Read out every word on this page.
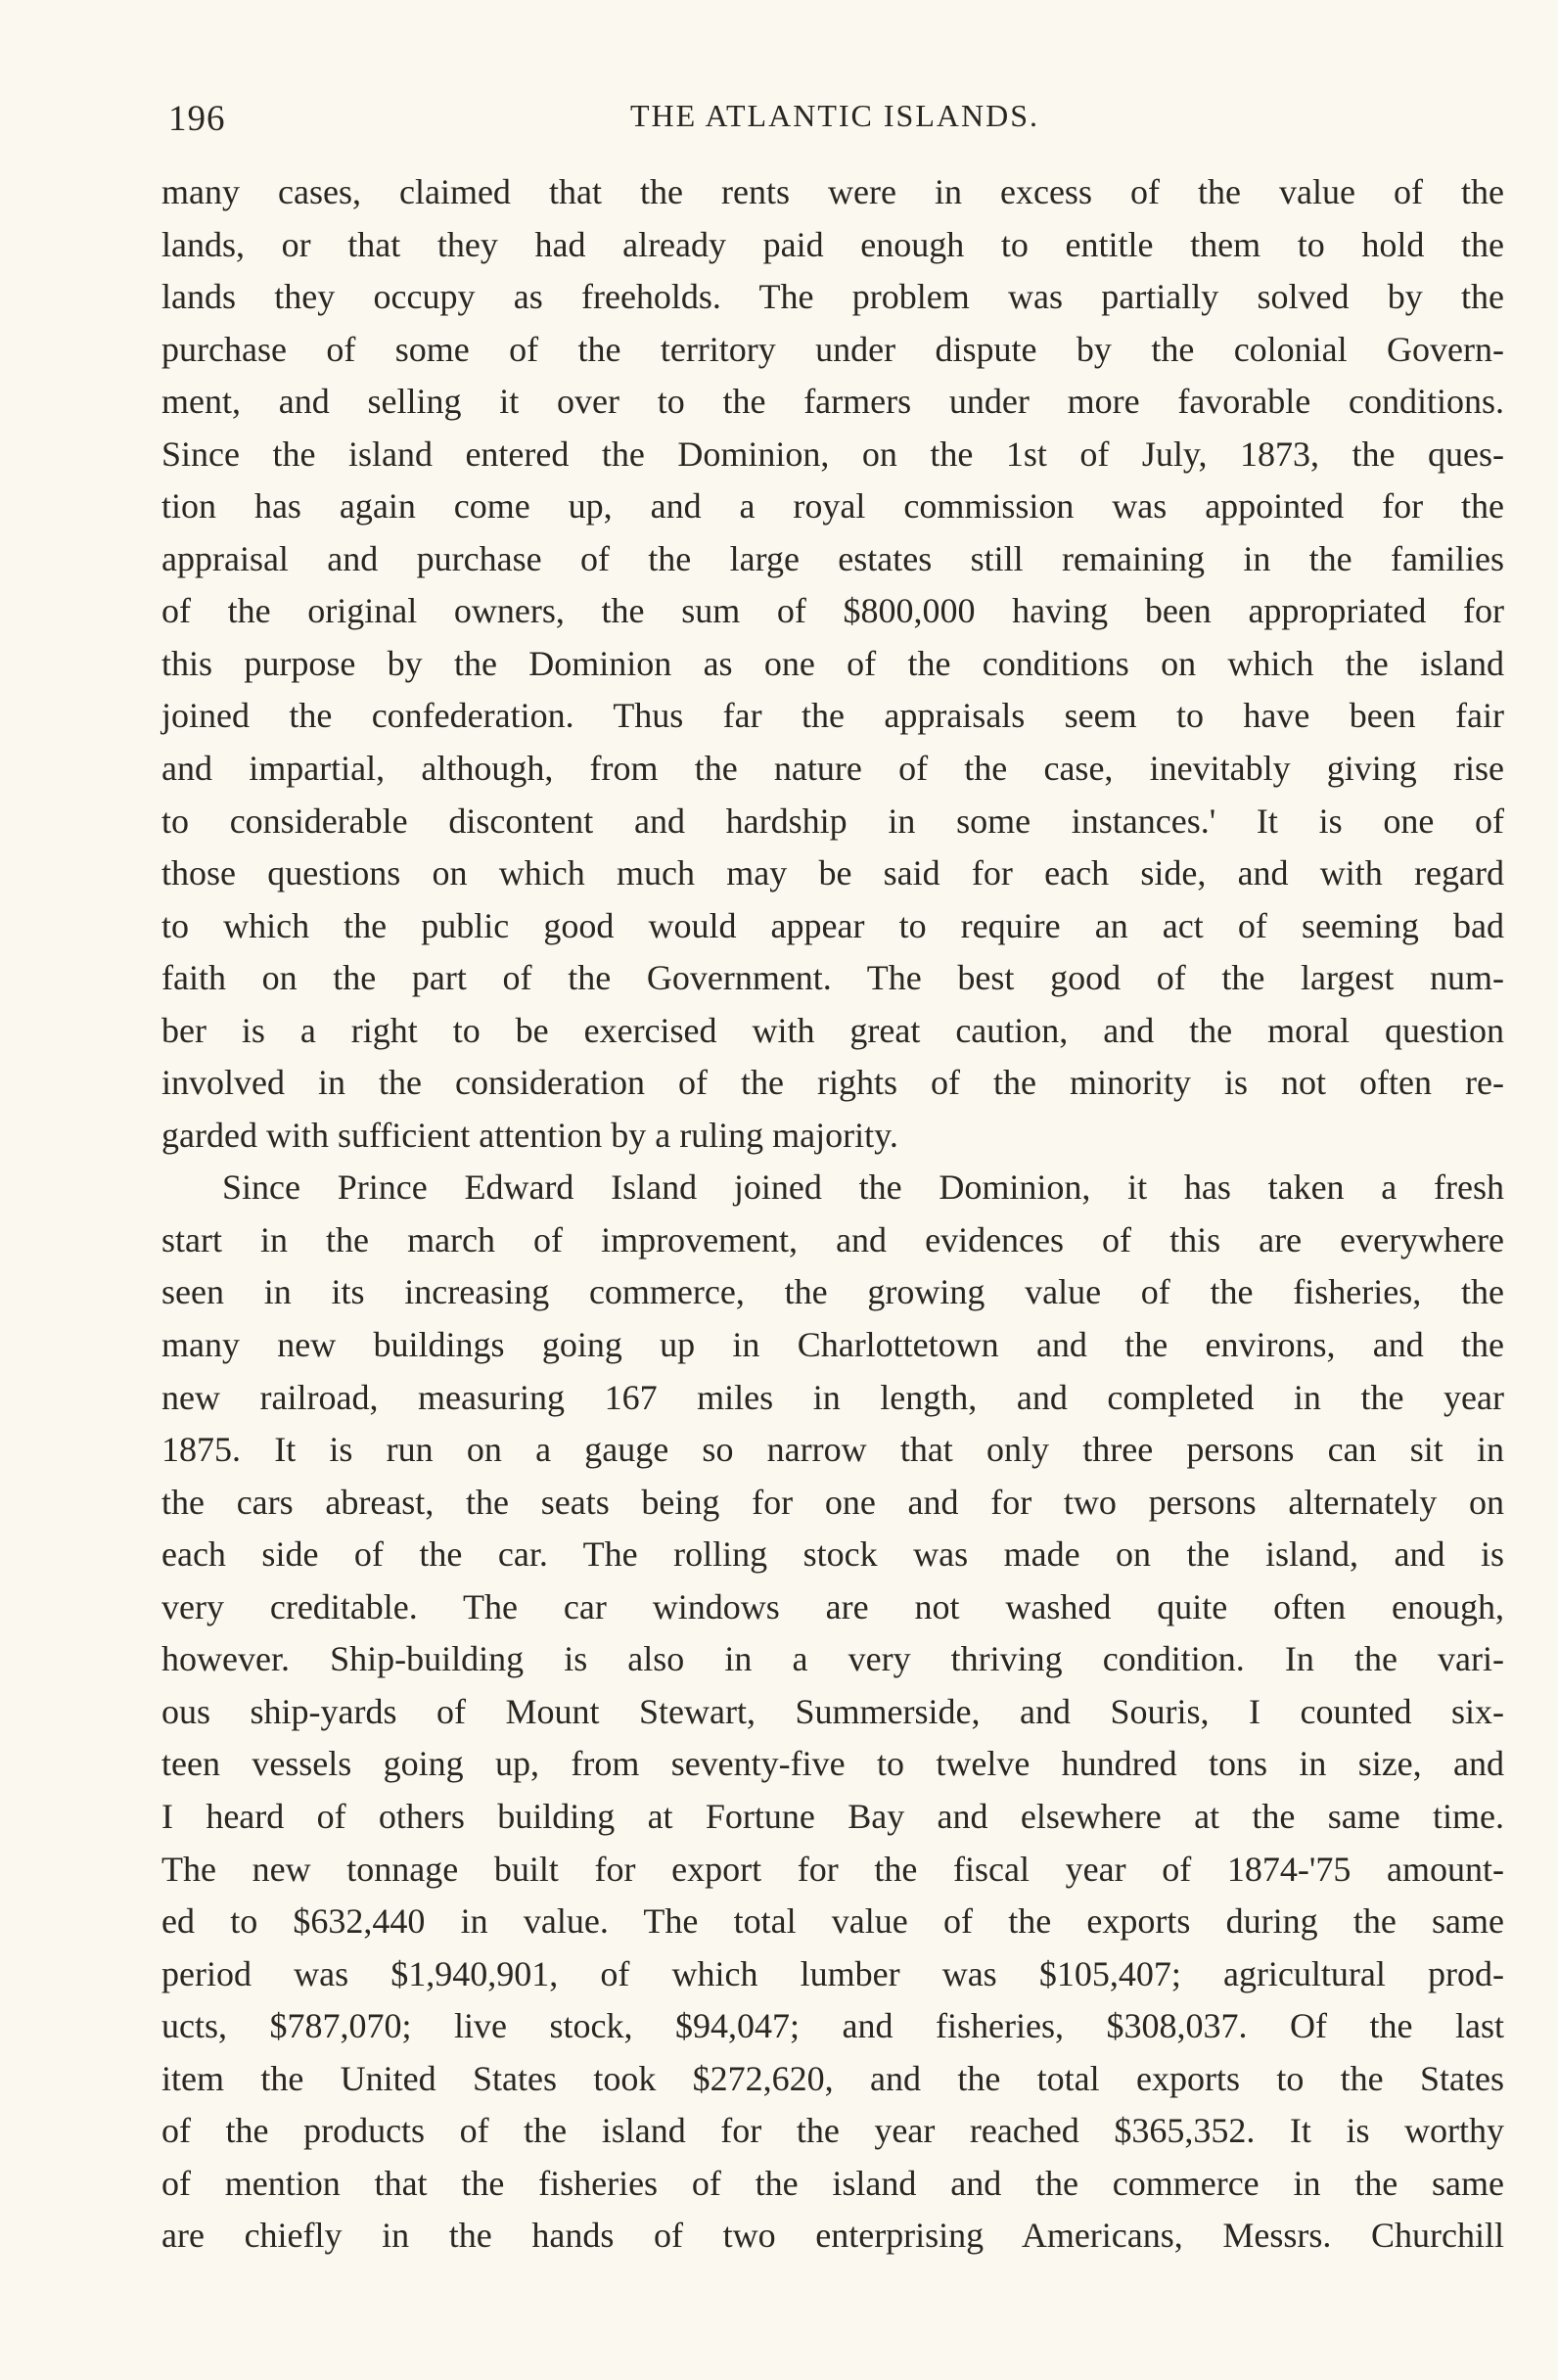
196	THE ATLANTIC ISLANDS.
many cases, claimed that the rents were in excess of the value of the
lands, or that they had already paid enough to entitle them to hold the
lands they occupy as freeholds. The problem was partially solved by the
purchase of some of the territory under dispute by the colonial Govern-
ment, and selling it over to the farmers under more favorable conditions.
Since the island entered the Dominion, on the 1st of July, 1873, the ques-
tion has again come up, and a royal commission was appointed for the
appraisal and purchase of the large estates still remaining in the families
of the original owners, the sum of $800,000 having been appropriated for
this purpose by the Dominion as one of the conditions on which the island
joined the confederation. Thus far the appraisals seem to have been fair
and impartial, although, from the nature of the case, inevitably giving rise
to considerable discontent and hardship in some instances.' It is one of
those questions on which much may be said for each side, and with regard
to which the public good would appear to require an act of seeming bad
faith on the part of the Government. The best good of the largest num-
ber is a right to be exercised with great caution, and the moral question
involved in the consideration of the rights of the minority is not often re-
garded with sufficient attention by a ruling majority.
Since Prince Edward Island joined the Dominion, it has taken a fresh
start in the march of improvement, and evidences of this are everywhere
seen in its increasing commerce, the growing value of the fisheries, the
many new buildings going up in Charlottetown and the environs, and the
new railroad, measuring 167 miles in length, and completed in the year
1875. It is run on a gauge so narrow that only three persons can sit in
the cars abreast, the seats being for one and for two persons alternately on
each side of the car. The rolling stock was made on the island, and is
very creditable. The car windows are not washed quite often enough,
however. Ship-building is also in a very thriving condition. In the vari-
ous ship-yards of Mount Stewart, Summerside, and Souris, I counted six-
teen vessels going up, from seventy-five to twelve hundred tons in size, and
I heard of others building at Fortune Bay and elsewhere at the same time.
The new tonnage built for export for the fiscal year of 1874-'75 amount-
ed to $632,440 in value. The total value of the exports during the same
period was $1,940,901, of which lumber was $105,407; agricultural prod-
ucts, $787,070; live stock, $94,047; and fisheries, $308,037. Of the last
item the United States took $272,620, and the total exports to the States
of the products of the island for the year reached $365,352. It is worthy
of mention that the fisheries of the island and the commerce in the same
are chiefly in the hands of two enterprising Americans, Messrs. Churchill
